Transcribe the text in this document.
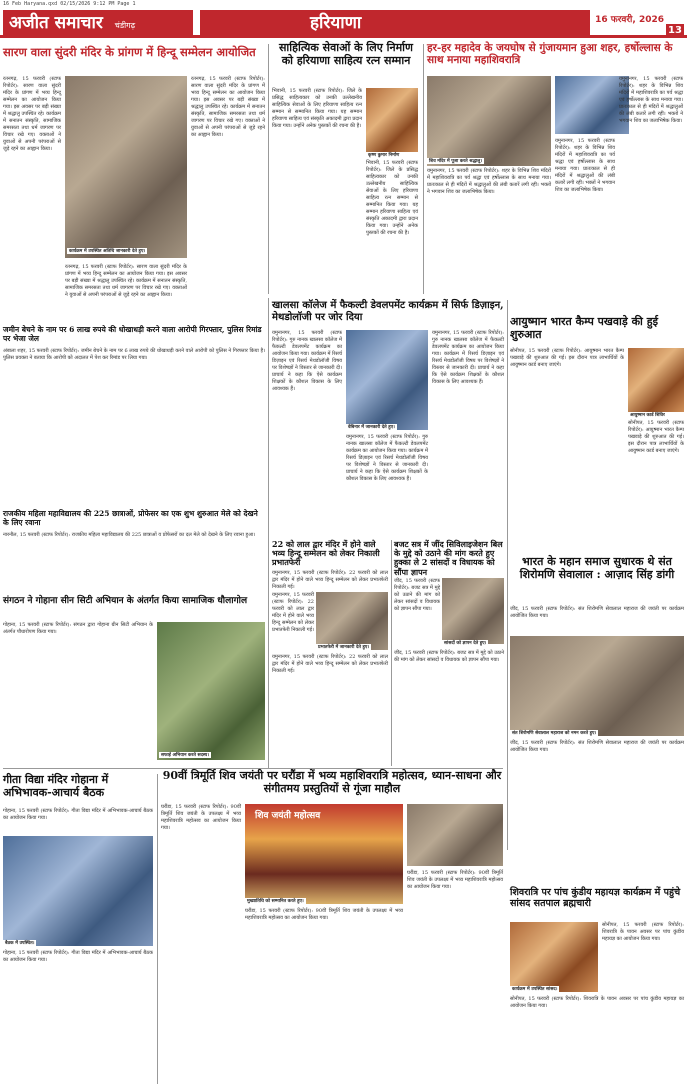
16 Feb Haryana.qxd 02/15/2026 9:12 PM Page 1
अजीत समाचार चंडीगढ़	हरियाणा	16 फरवरी, 2026
13
सारण वाला सुंदरी मंदिर के प्रांगण में हिन्दू सम्मेलन आयोजित
रतनगढ़, 15 फरवरी (स्टाफ रिपोर्टर): सारण वाला सुंदरी मंदिर के प्रांगण में भव्य हिन्दू सम्मेलन का आयोजन किया गया। इस अवसर पर बड़ी संख्या में श्रद्धालु उपस्थित रहे। कार्यक्रम में सनातन संस्कृति, सामाजिक समरसता तथा धर्म जागरण पर विचार रखे गए। वक्ताओं ने युवाओं से अपनी परंपराओं से जुड़े रहने का आह्वान किया।
कार्यक्रम में उपस्थित अतिथि जानकारी देते हुए।
रतनगढ़, 15 फरवरी (स्टाफ रिपोर्टर): सारण वाला सुंदरी मंदिर के प्रांगण में भव्य हिन्दू सम्मेलन का आयोजन किया गया। इस अवसर पर बड़ी संख्या में श्रद्धालु उपस्थित रहे। कार्यक्रम में सनातन संस्कृति, सामाजिक समरसता तथा धर्म जागरण पर विचार रखे गए। वक्ताओं ने युवाओं से अपनी परंपराओं से जुड़े रहने का आह्वान किया।
रतनगढ़, 15 फरवरी (स्टाफ रिपोर्टर): सारण वाला सुंदरी मंदिर के प्रांगण में भव्य हिन्दू सम्मेलन का आयोजन किया गया। इस अवसर पर बड़ी संख्या में श्रद्धालु उपस्थित रहे। कार्यक्रम में सनातन संस्कृति, सामाजिक समरसता तथा धर्म जागरण पर विचार रखे गए। वक्ताओं ने युवाओं से अपनी परंपराओं से जुड़े रहने का आह्वान किया।
साहित्यिक सेवाओं के लिए निर्माण को हरियाणा साहित्य रत्न सम्मान
भिवानी, 15 फरवरी (स्टाफ रिपोर्टर): जिले के प्रसिद्ध साहित्यकार को उनकी उल्लेखनीय साहित्यिक सेवाओं के लिए हरियाणा साहित्य रत्न सम्मान से सम्मानित किया गया। यह सम्मान हरियाणा साहित्य एवं संस्कृति अकादमी द्वारा प्रदान किया गया। उन्होंने अनेक पुस्तकों की रचना की है।
कृष्ण कुमार निर्माण
भिवानी, 15 फरवरी (स्टाफ रिपोर्टर): जिले के प्रसिद्ध साहित्यकार को उनकी उल्लेखनीय साहित्यिक सेवाओं के लिए हरियाणा साहित्य रत्न सम्मान से सम्मानित किया गया। यह सम्मान हरियाणा साहित्य एवं संस्कृति अकादमी द्वारा प्रदान किया गया। उन्होंने अनेक पुस्तकों की रचना की है।
हर-हर महादेव के जयघोष से गुंजायमान हुआ शहर, हर्षोल्लास के साथ मनाया महाशिवरात्रि
शिव मंदिर में पूजा करते श्रद्धालु।
यमुनानगर, 15 फरवरी (स्टाफ रिपोर्टर): शहर के विभिन्न शिव मंदिरों में महाशिवरात्रि का पर्व श्रद्धा एवं हर्षोल्लास के साथ मनाया गया। प्रातःकाल से ही मंदिरों में श्रद्धालुओं की लंबी कतारें लगी रहीं। भक्तों ने भगवान शिव का जलाभिषेक किया।
यमुनानगर, 15 फरवरी (स्टाफ रिपोर्टर): शहर के विभिन्न शिव मंदिरों में महाशिवरात्रि का पर्व श्रद्धा एवं हर्षोल्लास के साथ मनाया गया। प्रातःकाल से ही मंदिरों में श्रद्धालुओं की लंबी कतारें लगी रहीं। भक्तों ने भगवान शिव का जलाभिषेक किया।
यमुनानगर, 15 फरवरी (स्टाफ रिपोर्टर): शहर के विभिन्न शिव मंदिरों में महाशिवरात्रि का पर्व श्रद्धा एवं हर्षोल्लास के साथ मनाया गया। प्रातःकाल से ही मंदिरों में श्रद्धालुओं की लंबी कतारें लगी रहीं। भक्तों ने भगवान शिव का जलाभिषेक किया।
जमीन बेचने के नाम पर 6 लाख रुपये की धोखाधड़ी करने वाला आरोपी गिरफ्तार, पुलिस रिमांड पर भेजा जेल
अंबाला शहर, 15 फरवरी (स्टाफ रिपोर्टर): जमीन बेचने के नाम पर 6 लाख रुपये की धोखाधड़ी करने वाले आरोपी को पुलिस ने गिरफ्तार किया है। पुलिस प्रवक्ता ने बताया कि आरोपी को अदालत में पेश कर रिमांड पर लिया गया।
राजकीय महिला महाविद्यालय की 225 छात्राओं, प्रोफेसर का एक शुभ शुरुआत मेले को देखने के लिए रवाना
नारनौल, 15 फरवरी (स्टाफ रिपोर्टर): राजकीय महिला महाविद्यालय की 225 छात्राओं व प्रोफेसरों का दल मेले को देखने के लिए रवाना हुआ।
संगठन ने गोहाना सीन सिटी अभियान के अंतर्गत किया सामाजिक धौलागोल
गोहाना, 15 फरवरी (स्टाफ रिपोर्टर): संगठन द्वारा गोहाना ग्रीन सिटी अभियान के अंतर्गत पौधारोपण किया गया।
सफाई अभियान करते सदस्य।
खालसा कॉलेज में फैकल्टी डेवलपमेंट कार्यक्रम में सिर्फ डिज़ाइन, मेथडोलॉजी पर जोर दिया
यमुनानगर, 15 फरवरी (स्टाफ रिपोर्टर): गुरु नानक खालसा कॉलेज में फैकल्टी डेवलपमेंट कार्यक्रम का आयोजन किया गया। कार्यक्रम में रिसर्च डिज़ाइन एवं रिसर्च मेथडोलॉजी विषय पर विशेषज्ञों ने विस्तार से जानकारी दी। प्राचार्य ने कहा कि ऐसे कार्यक्रम शिक्षकों के कौशल विकास के लिए आवश्यक हैं।
वेबिनार में जानकारी देते हुए।
यमुनानगर, 15 फरवरी (स्टाफ रिपोर्टर): गुरु नानक खालसा कॉलेज में फैकल्टी डेवलपमेंट कार्यक्रम का आयोजन किया गया। कार्यक्रम में रिसर्च डिज़ाइन एवं रिसर्च मेथडोलॉजी विषय पर विशेषज्ञों ने विस्तार से जानकारी दी। प्राचार्य ने कहा कि ऐसे कार्यक्रम शिक्षकों के कौशल विकास के लिए आवश्यक हैं।
यमुनानगर, 15 फरवरी (स्टाफ रिपोर्टर): गुरु नानक खालसा कॉलेज में फैकल्टी डेवलपमेंट कार्यक्रम का आयोजन किया गया। कार्यक्रम में रिसर्च डिज़ाइन एवं रिसर्च मेथडोलॉजी विषय पर विशेषज्ञों ने विस्तार से जानकारी दी। प्राचार्य ने कहा कि ऐसे कार्यक्रम शिक्षकों के कौशल विकास के लिए आवश्यक हैं।
आयुष्मान भारत कैम्प पखवाड़े की हुई शुरुआत
सोनीपत, 15 फरवरी (स्टाफ रिपोर्टर): आयुष्मान भारत कैम्प पखवाड़े की शुरुआत की गई। इस दौरान पात्र लाभार्थियों के आयुष्मान कार्ड बनाए जाएंगे।
आयुष्मान कार्ड शिविर
सोनीपत, 15 फरवरी (स्टाफ रिपोर्टर): आयुष्मान भारत कैम्प पखवाड़े की शुरुआत की गई। इस दौरान पात्र लाभार्थियों के आयुष्मान कार्ड बनाए जाएंगे।
22 को लाल द्वार मंदिर में होने वाले भव्य हिन्दू सम्मेलन को लेकर निकाली प्रभातफेरी
यमुनानगर, 15 फरवरी (स्टाफ रिपोर्टर): 22 फरवरी को लाल द्वार मंदिर में होने वाले भव्य हिन्दू सम्मेलन को लेकर प्रभातफेरी निकाली गई।
यमुनानगर, 15 फरवरी (स्टाफ रिपोर्टर): 22 फरवरी को लाल द्वार मंदिर में होने वाले भव्य हिन्दू सम्मेलन को लेकर प्रभातफेरी निकाली गई।
प्रभातफेरी में जानकारी देते हुए।
यमुनानगर, 15 फरवरी (स्टाफ रिपोर्टर): 22 फरवरी को लाल द्वार मंदिर में होने वाले भव्य हिन्दू सम्मेलन को लेकर प्रभातफेरी निकाली गई।
बजट सत्र में जींद सिविलाइजेशन बिल के मुद्दे को उठाने की मांग करते हुए हुक्का ले 2 सांसदों व विधायक को सौंपा ज्ञापन
जींद, 15 फरवरी (स्टाफ रिपोर्टर): बजट सत्र में मुद्दे को उठाने की मांग को लेकर सांसदों व विधायक को ज्ञापन सौंपा गया।
सांसदों को ज्ञापन देते हुए।
जींद, 15 फरवरी (स्टाफ रिपोर्टर): बजट सत्र में मुद्दे को उठाने की मांग को लेकर सांसदों व विधायक को ज्ञापन सौंपा गया।
भारत के महान समाज सुधारक थे संत शिरोमणि सेवालाल : आज़ाद सिंह डांगी
जींद, 15 फरवरी (स्टाफ रिपोर्टर): संत शिरोमणि सेवालाल महाराज की जयंती पर कार्यक्रम आयोजित किया गया।
संत शिरोमणि सेवालाल महाराज को नमन करते हुए।
जींद, 15 फरवरी (स्टाफ रिपोर्टर): संत शिरोमणि सेवालाल महाराज की जयंती पर कार्यक्रम आयोजित किया गया।
गीता विद्या मंदिर गोहाना में अभिभावक-आचार्य बैठक
गोहाना, 15 फरवरी (स्टाफ रिपोर्टर): गीता विद्या मंदिर में अभिभावक-आचार्य बैठक का आयोजन किया गया।
बैठक में उपस्थित।
गोहाना, 15 फरवरी (स्टाफ रिपोर्टर): गीता विद्या मंदिर में अभिभावक-आचार्य बैठक का आयोजन किया गया।
90वीं त्रिमूर्ति शिव जयंती पर घरौंडा में भव्य महाशिवरात्रि महोत्सव, ध्यान-साधना और संगीतमय प्रस्तुतियों से गूंजा माहौल
घरौंडा, 15 फरवरी (स्टाफ रिपोर्टर): 90वीं त्रिमूर्ति शिव जयंती के उपलक्ष्य में भव्य महाशिवरात्रि महोत्सव का आयोजन किया गया।
शिव जयंती महोत्सव
मुख्यातिथि को सम्मानित करते हुए।
घरौंडा, 15 फरवरी (स्टाफ रिपोर्टर): 90वीं त्रिमूर्ति शिव जयंती के उपलक्ष्य में भव्य महाशिवरात्रि महोत्सव का आयोजन किया गया।
घरौंडा, 15 फरवरी (स्टाफ रिपोर्टर): 90वीं त्रिमूर्ति शिव जयंती के उपलक्ष्य में भव्य महाशिवरात्रि महोत्सव का आयोजन किया गया।	शिवरात्रि पर पांच कुंडीय महायज्ञ कार्यक्रम में पहुंचे सांसद सतपाल ब्रह्मचारी
कार्यक्रम में उपस्थित सांसद।
सोनीपत, 15 फरवरी (स्टाफ रिपोर्टर): शिवरात्रि के पावन अवसर पर पांच कुंडीय महायज्ञ का आयोजन किया गया।
सोनीपत, 15 फरवरी (स्टाफ रिपोर्टर): शिवरात्रि के पावन अवसर पर पांच कुंडीय महायज्ञ का आयोजन किया गया।
